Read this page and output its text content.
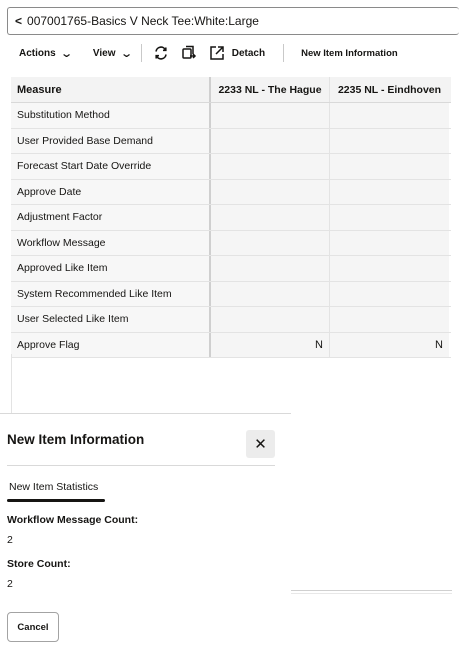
< 007001765-Basics V Neck Tee:White:Large
Actions ⌄ View ⌄	Detach	New Item Information
Measure	2233 NL - The Hague	2235 NL - Eindhoven
Substitution Method
User Provided Base Demand
Forecast Start Date Override
Approve Date
Adjustment Factor
Workflow Message
Approved Like Item
System Recommended Like Item
User Selected Like Item
Approve Flag	N	N
New Item Information	✕
New Item Statistics
Workflow Message Count:
2
Store Count:
2
Cancel
